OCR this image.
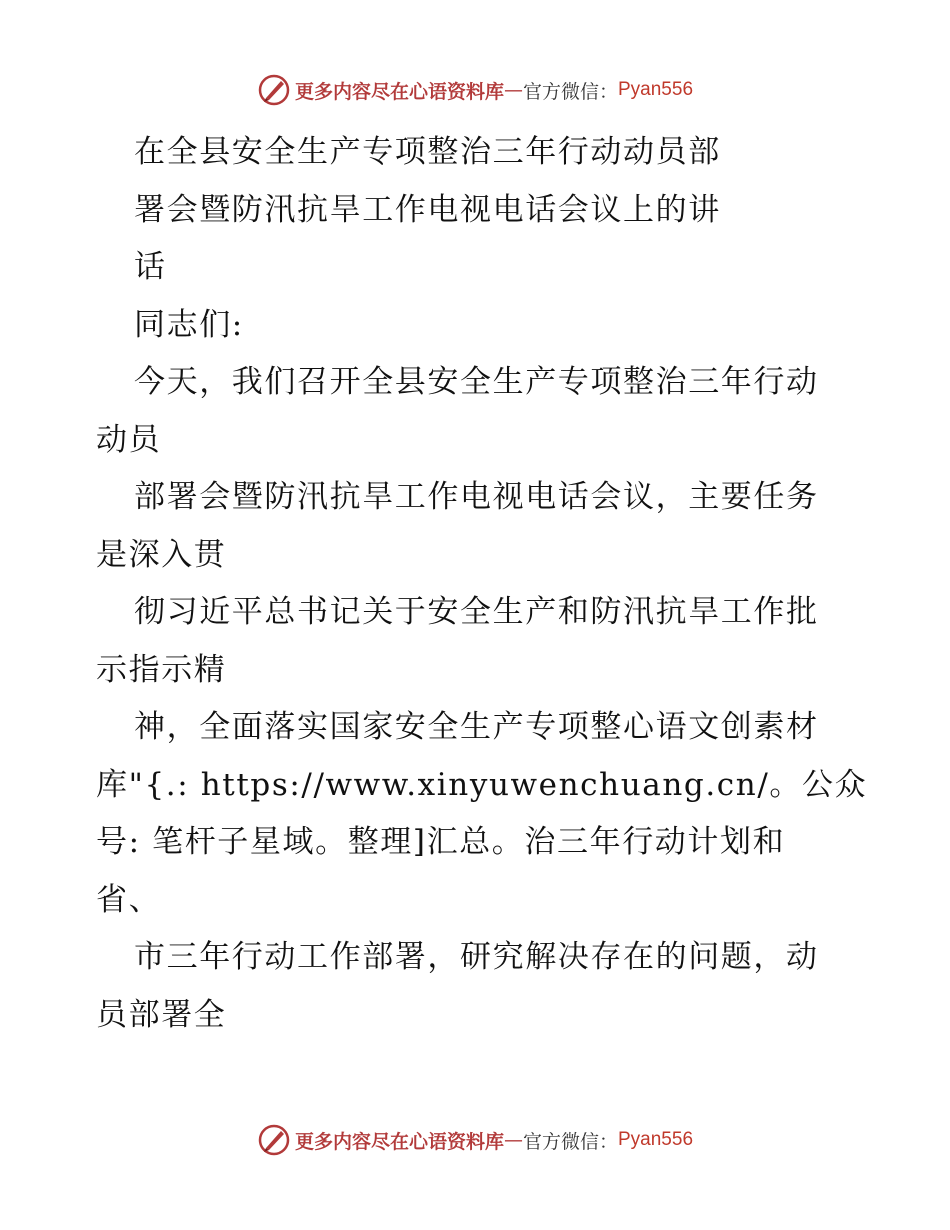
更多内容尽在心语资料库 — 官方微信： Pyan556
在全县安全生产专项整治三年行动动员部
署会暨防汛抗旱工作电视电话会议上的讲
话
同志们:
今天，我们召开全县安全生产专项整治三年行动
动员
部署会暨防汛抗旱工作电视电话会议，主要任务
是深入贯
彻习近平总书记关于安全生产和防汛抗旱工作批
示指示精
神，全面落实国家安全生产专项整心语文创素材
库"{.: https://www.xinyuwenchuang.cn/。公众
号: 笔杆子星域。整理]汇总。治三年行动计划和
省、
市三年行动工作部署，研究解决存在的问题，动
员部署全
更多内容尽在心语资料库 — 官方微信： Pyan556
